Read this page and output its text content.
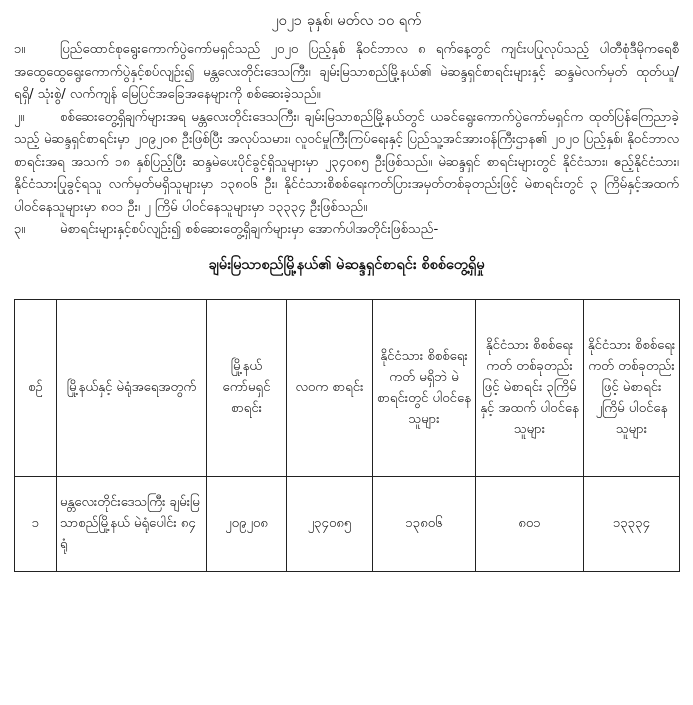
၂၀၂၁ ခုနှစ်၊ မတ်လ ၁၀ ရက်

၁။	ပြည်ထောင်စုရွေးကောက်ပွဲကော်မရှင်သည် ၂၀၂၀ ပြည့်နှစ် နိုဝင်ဘာလ ၈ ရက်နေ့တွင် ကျင်းပပြုလုပ်သည့် ပါတီစုံဒီမိုကရေစီအထွေထွေရွေးကောက်ပွဲနှင့်စပ်လျဉ်း၍ မန္တလေးတိုင်းဒေသကြီး၊ ချမ်းမြသာစည်မြို့နယ်၏ မဲဆန္ဒရှင်စာရင်းများနှင့် ဆန္ဒမဲလက်မှတ် ထုတ်ယူ/ ရရှိ/ သုံးစွဲ/ လက်ကျန် မြေပြင်အခြေအနေများကို စစ်ဆေးခဲ့သည်။

၂။	စစ်ဆေးတွေ့ရှိချက်များအရ မန္တလေးတိုင်းဒေသကြီး၊ ချမ်းမြသာစည်မြို့နယ်တွင် ယခင်ရွေးကောက်ပွဲကော်မရှင်က ထုတ်ပြန်ကြေညာခဲ့သည့် မဲဆန္ဒရှင်စာရင်းမှာ ၂၀၉၂၀၈ ဦးဖြစ်ပြီး အလုပ်သမား၊ လူဝင်မှုကြီးကြပ်ရေးနှင့် ပြည်သူ့အင်အားဝန်ကြီးဌာန၏ ၂၀၂၀ ပြည့်နှစ်၊ နိုဝင်ဘာလ စာရင်းအရ အသက် ၁၈ နှစ်ပြည့်ပြီး ဆန္ဒမဲပေးပိုင်ခွင့်ရှိသူများမှာ ၂၃၄၀၈၅ ဦးဖြစ်သည်။ မဲဆန္ဒရှင် စာရင်းများတွင် နိုင်ငံသား၊ ဧည့်နိုင်ငံသား၊ နိုင်ငံသားပြုခွင့်ရသူ လက်မှတ်မရှိသူများမှာ ၁၃၈၀၆ ဦး၊ နိုင်ငံသားစိစစ်ရေးကတ်ပြားအမှတ်တစ်ခုတည်းဖြင့် မဲစာရင်းတွင် ၃ ကြိမ်နှင့်အထက် ပါဝင်နေသူများမှာ ၈၀၁ ဦး၊ ၂ ကြိမ် ပါဝင်နေသူများမှာ ၁၃၃၃၄ ဦးဖြစ်သည်။

၃။	မဲစာရင်းများနှင့်စပ်လျဉ်း၍ စစ်ဆေးတွေ့ရှိချက်များမှာ အောက်ပါအတိုင်းဖြစ်သည်-

ချမ်းမြသာစည်မြို့နယ်၏ မဲဆန္ဒရှင်စာရင်း စိစစ်တွေ့ရှိမှု
စဉ်	မြို့နယ်နှင့် မဲရုံအရေအတွက်	မြို့နယ်ကော်မရှင် စာရင်း	လဝက စာရင်း	နိုင်ငံသား စိစစ်ရေးကတ် မရှိဘဲ မဲစာရင်းတွင် ပါဝင်နေသူများ	နိုင်ငံသား စိစစ်ရေးကတ် တစ်ခုတည်းဖြင့် မဲစာရင်း ၃ကြိမ် နှင့် အထက် ပါဝင်နေသူများ	နိုင်ငံသား စိစစ်ရေးကတ် တစ်ခုတည်းဖြင့် မဲစာရင်း ၂ကြိမ် ပါဝင်နေသူများ
၁	မန္တလေးတိုင်းဒေသကြီး ချမ်းမြသာစည်မြို့နယ် မဲရုံပေါင်း ၈၄ ရုံ	၂၀၉၂၀၈	၂၃၄၀၈၅	၁၃၈၀၆	၈၀၁	၁၃၃၃၄
